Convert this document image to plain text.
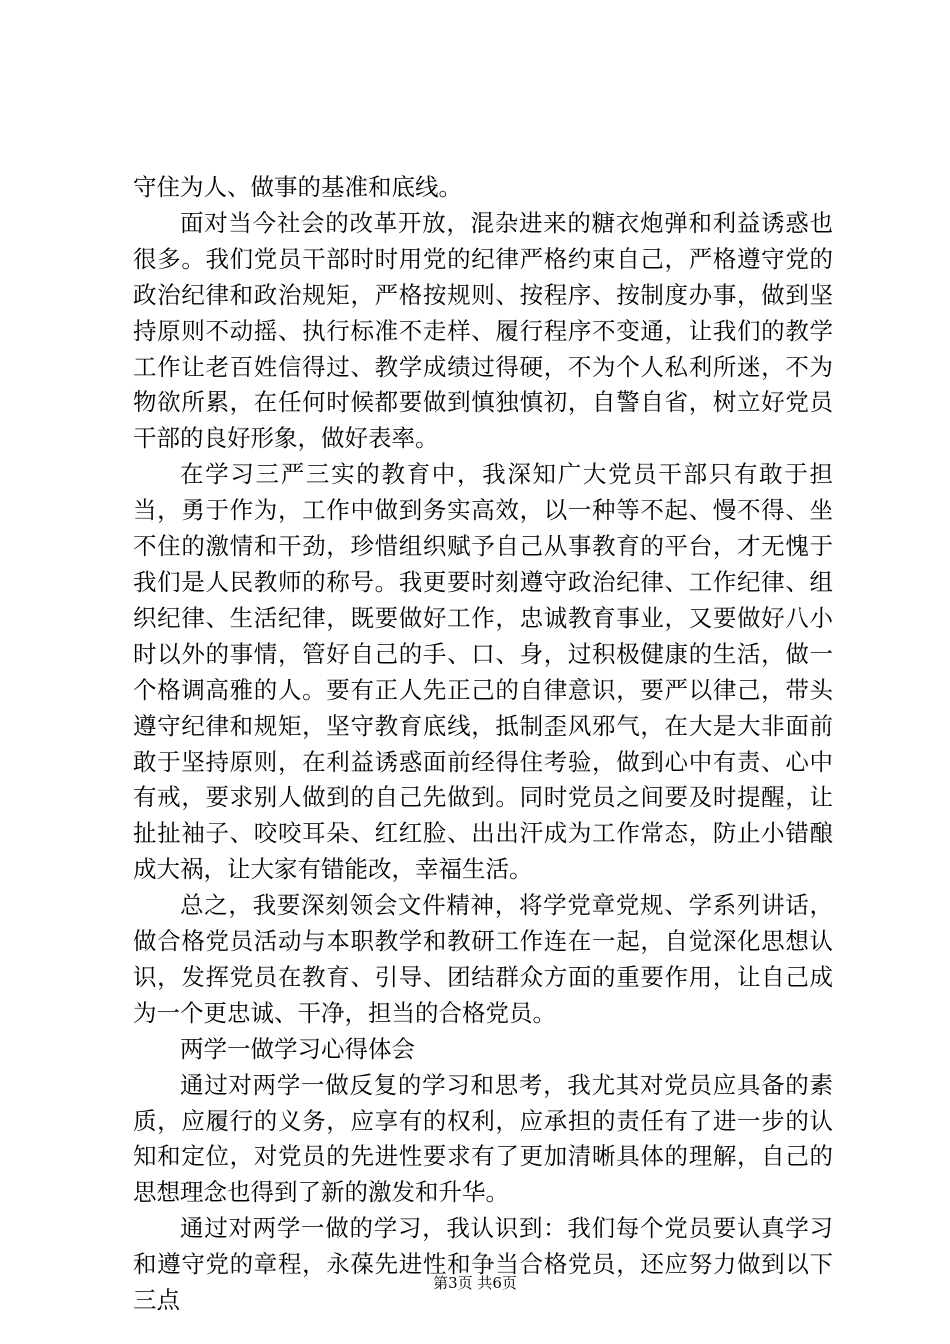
守住为人、做事的基准和底线。

面对当今社会的改革开放，混杂进来的糖衣炮弹和利益诱惑也很多。我们党员干部时时用党的纪律严格约束自己，严格遵守党的政治纪律和政治规矩，严格按规则、按程序、按制度办事，做到坚持原则不动摇、执行标准不走样、履行程序不变通，让我们的教学工作让老百姓信得过、教学成绩过得硬，不为个人私利所迷，不为物欲所累，在任何时候都要做到慎独慎初，自警自省，树立好党员干部的良好形象，做好表率。

在学习三严三实的教育中，我深知广大党员干部只有敢于担当，勇于作为，工作中做到务实高效，以一种等不起、慢不得、坐不住的激情和干劲，珍惜组织赋予自己从事教育的平台，才无愧于我们是人民教师的称号。我更要时刻遵守政治纪律、工作纪律、组织纪律、生活纪律，既要做好工作，忠诚教育事业，又要做好八小时以外的事情，管好自己的手、口、身，过积极健康的生活，做一个格调高雅的人。要有正人先正己的自律意识，要严以律己，带头遵守纪律和规矩，坚守教育底线，抵制歪风邪气，在大是大非面前敢于坚持原则，在利益诱惑面前经得住考验，做到心中有责、心中有戒，要求别人做到的自己先做到。同时党员之间要及时提醒，让扯扯袖子、咬咬耳朵、红红脸、出出汗成为工作常态，防止小错酿成大祸，让大家有错能改，幸福生活。

总之，我要深刻领会文件精神，将学党章党规、学系列讲话，做合格党员活动与本职教学和教研工作连在一起，自觉深化思想认识，发挥党员在教育、引导、团结群众方面的重要作用，让自己成为一个更忠诚、干净，担当的合格党员。

两学一做学习心得体会

通过对两学一做反复的学习和思考，我尤其对党员应具备的素质，应履行的义务，应享有的权利，应承担的责任有了进一步的认知和定位，对党员的先进性要求有了更加清晰具体的理解，自己的思想理念也得到了新的激发和升华。

通过对两学一做的学习，我认识到：我们每个党员要认真学习和遵守党的章程，永葆先进性和争当合格党员，还应努力做到以下三点

第3页 共6页
